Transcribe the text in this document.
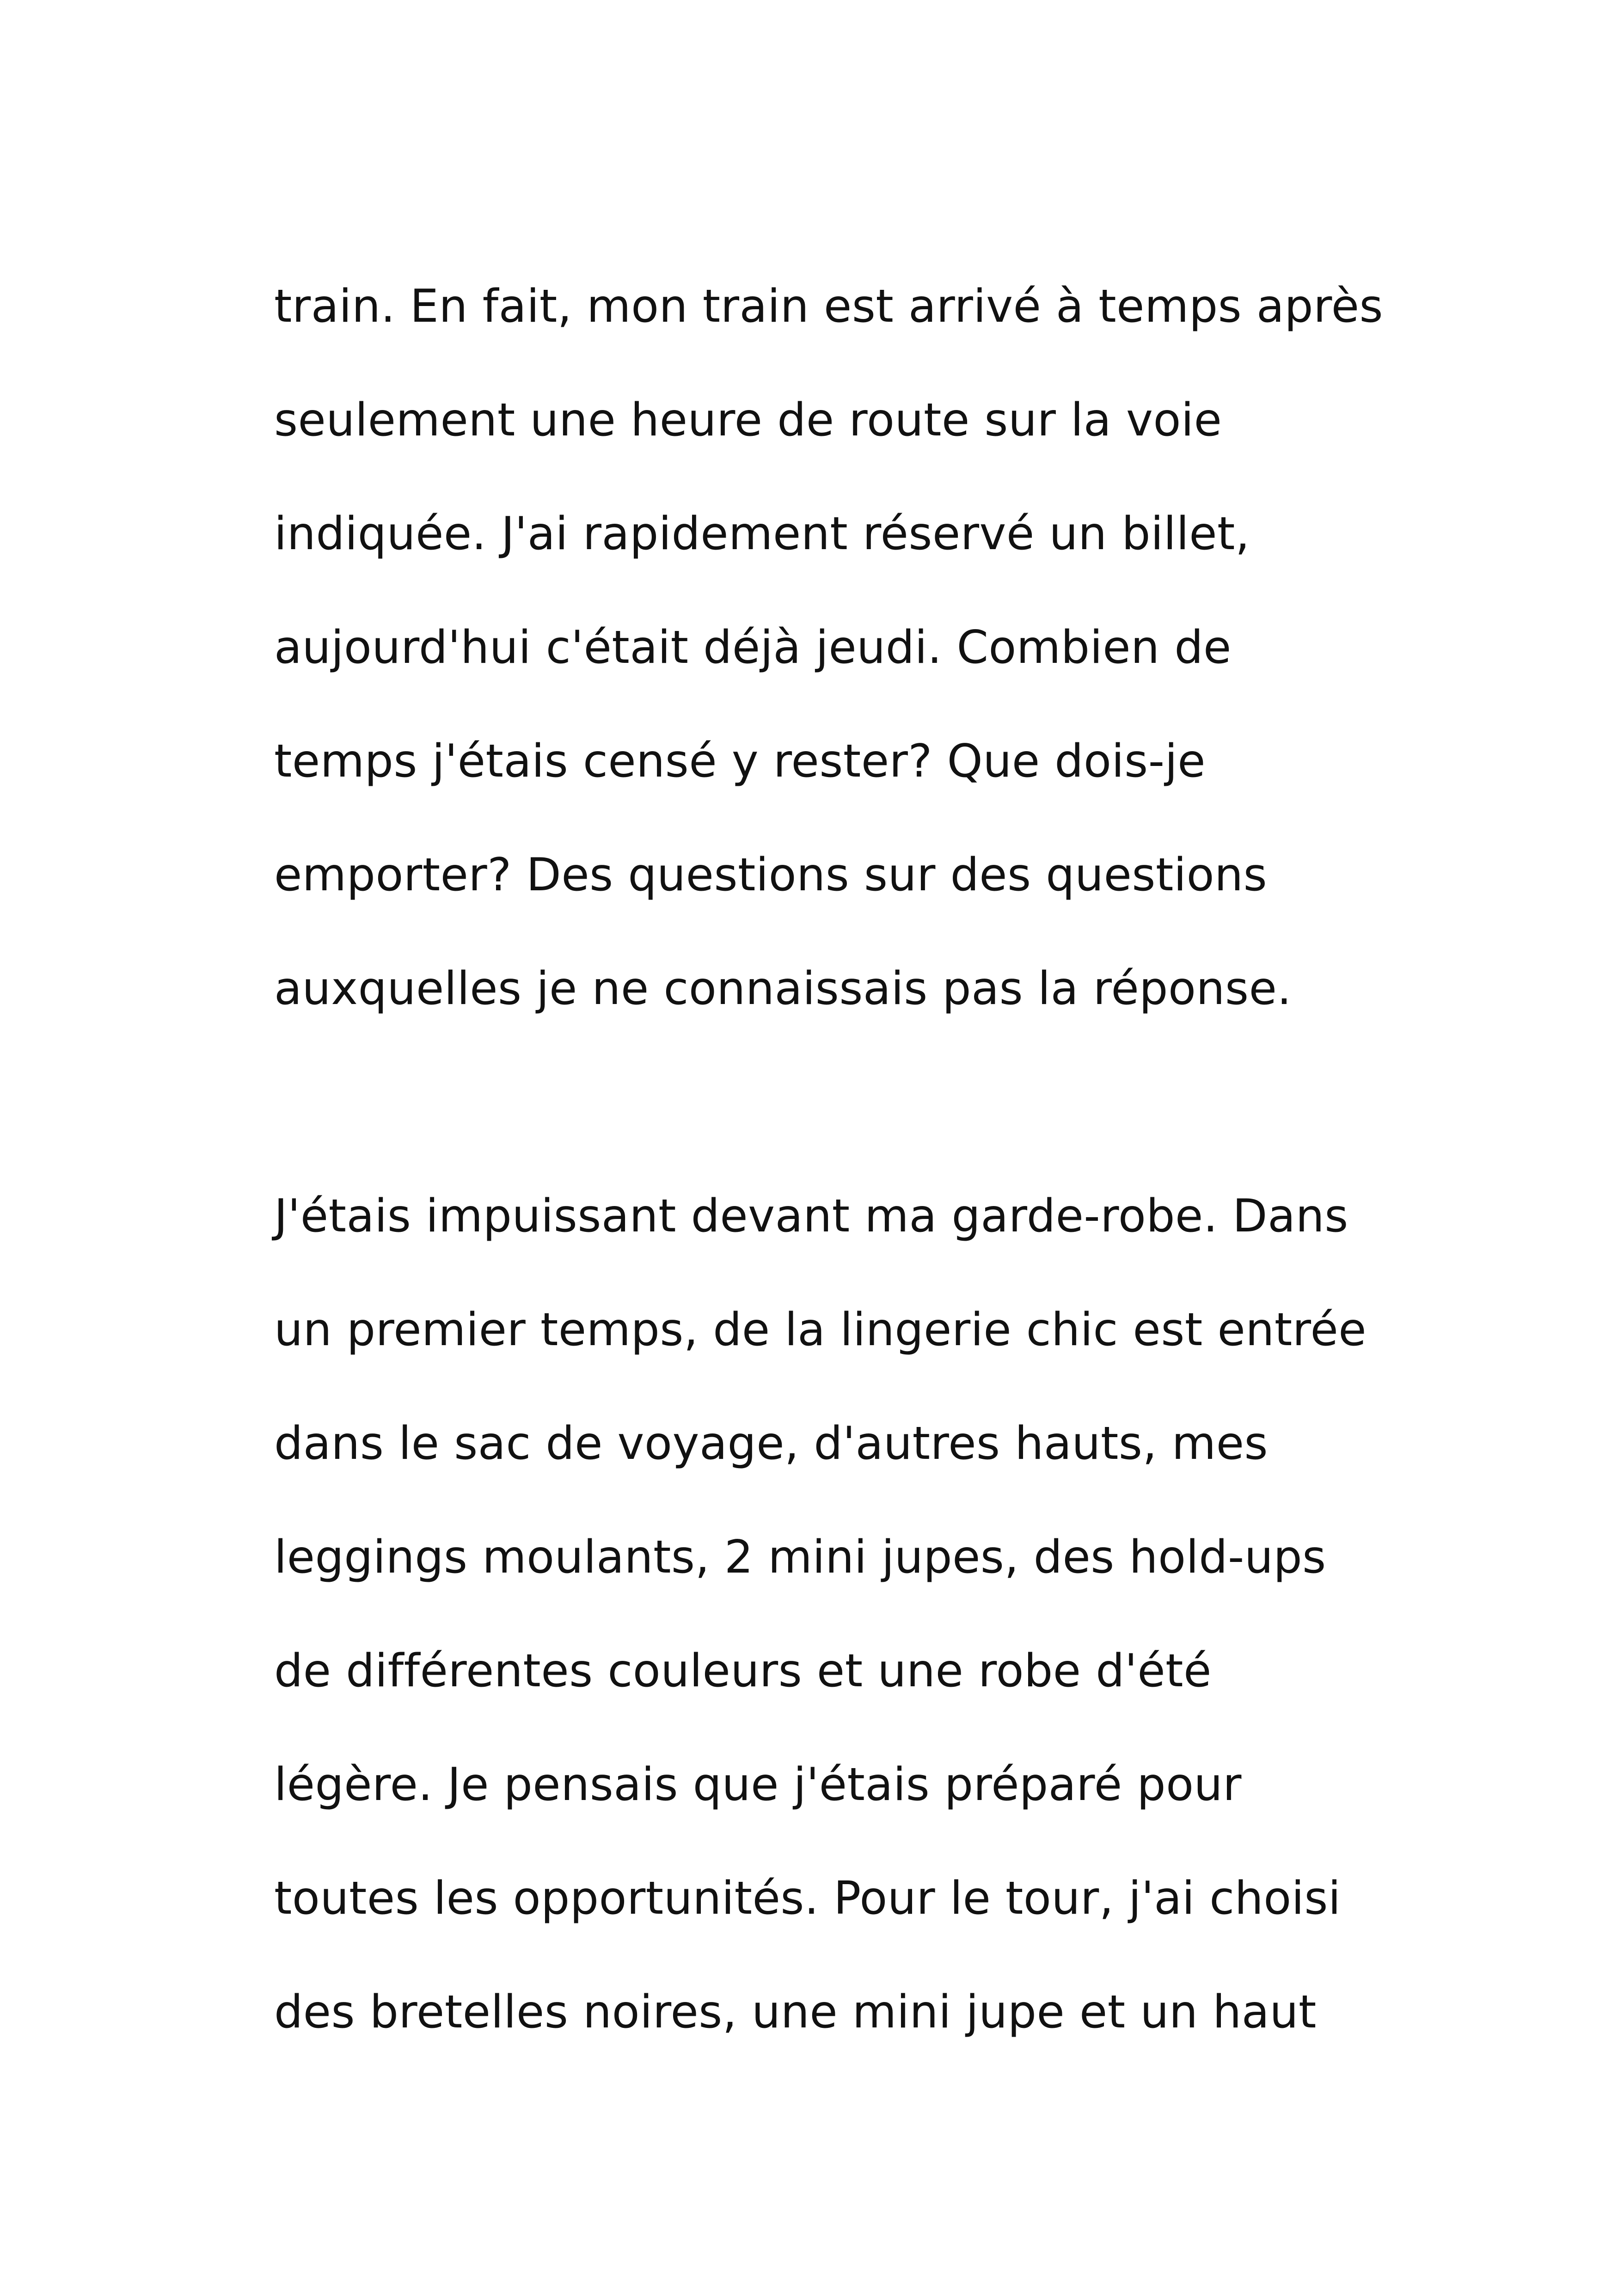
train. En fait, mon train est arrivé à temps après
seulement une heure de route sur la voie
indiquée. J'ai rapidement réservé un billet,
aujourd'hui c'était déjà jeudi. Combien de
temps j'étais censé y rester? Que dois-je
emporter? Des questions sur des questions
auxquelles je ne connaissais pas la réponse.
J'étais impuissant devant ma garde-robe. Dans
un premier temps, de la lingerie chic est entrée
dans le sac de voyage, d'autres hauts, mes
leggings moulants, 2 mini jupes, des hold-ups
de différentes couleurs et une robe d'été
légère. Je pensais que j'étais préparé pour
toutes les opportunités. Pour le tour, j'ai choisi
des bretelles noires, une mini jupe et un haut
